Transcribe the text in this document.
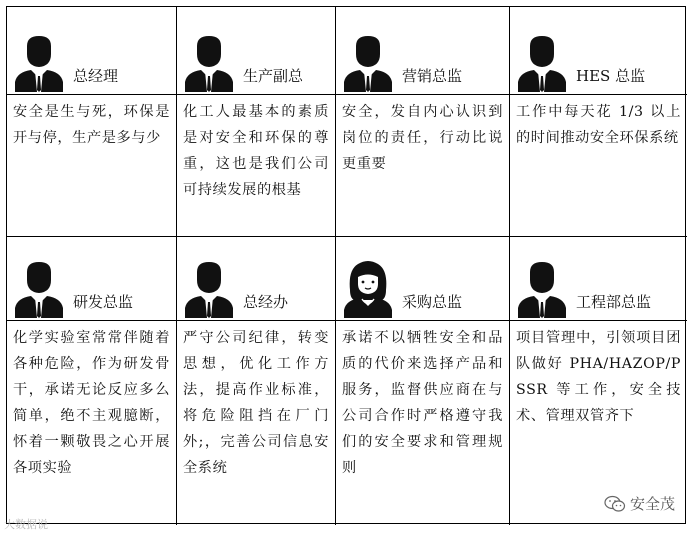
总经理
安全是生与死，环保是开与停，生产是多与少
生产副总
化工人最基本的素质是对安全和环保的尊重，这也是我们公司可持续发展的根基
营销总监
安全，发自内心认识到岗位的责任，行动比说更重要
HES 总监
工作中每天花 1/3 以上的时间推动安全环保系统
研发总监
化学实验室常常伴随着各种危险，作为研发骨干，承诺无论反应多么简单，绝不主观臆断，怀着一颗敬畏之心开展各项实验
总经办
严守公司纪律，转变思想，优化工作方法，提高作业标准，将危险阻挡在厂门外;，完善公司信息安全系统
采购总监
承诺不以牺牲安全和品质的代价来选择产品和服务，监督供应商在与公司合作时严格遵守我们的安全要求和管理规则
工程部总监
项目管理中，引领项目团队做好 PHA/HAZOP/PSSR 等工作，安全技术、管理双管齐下
大数据说
安全茂
